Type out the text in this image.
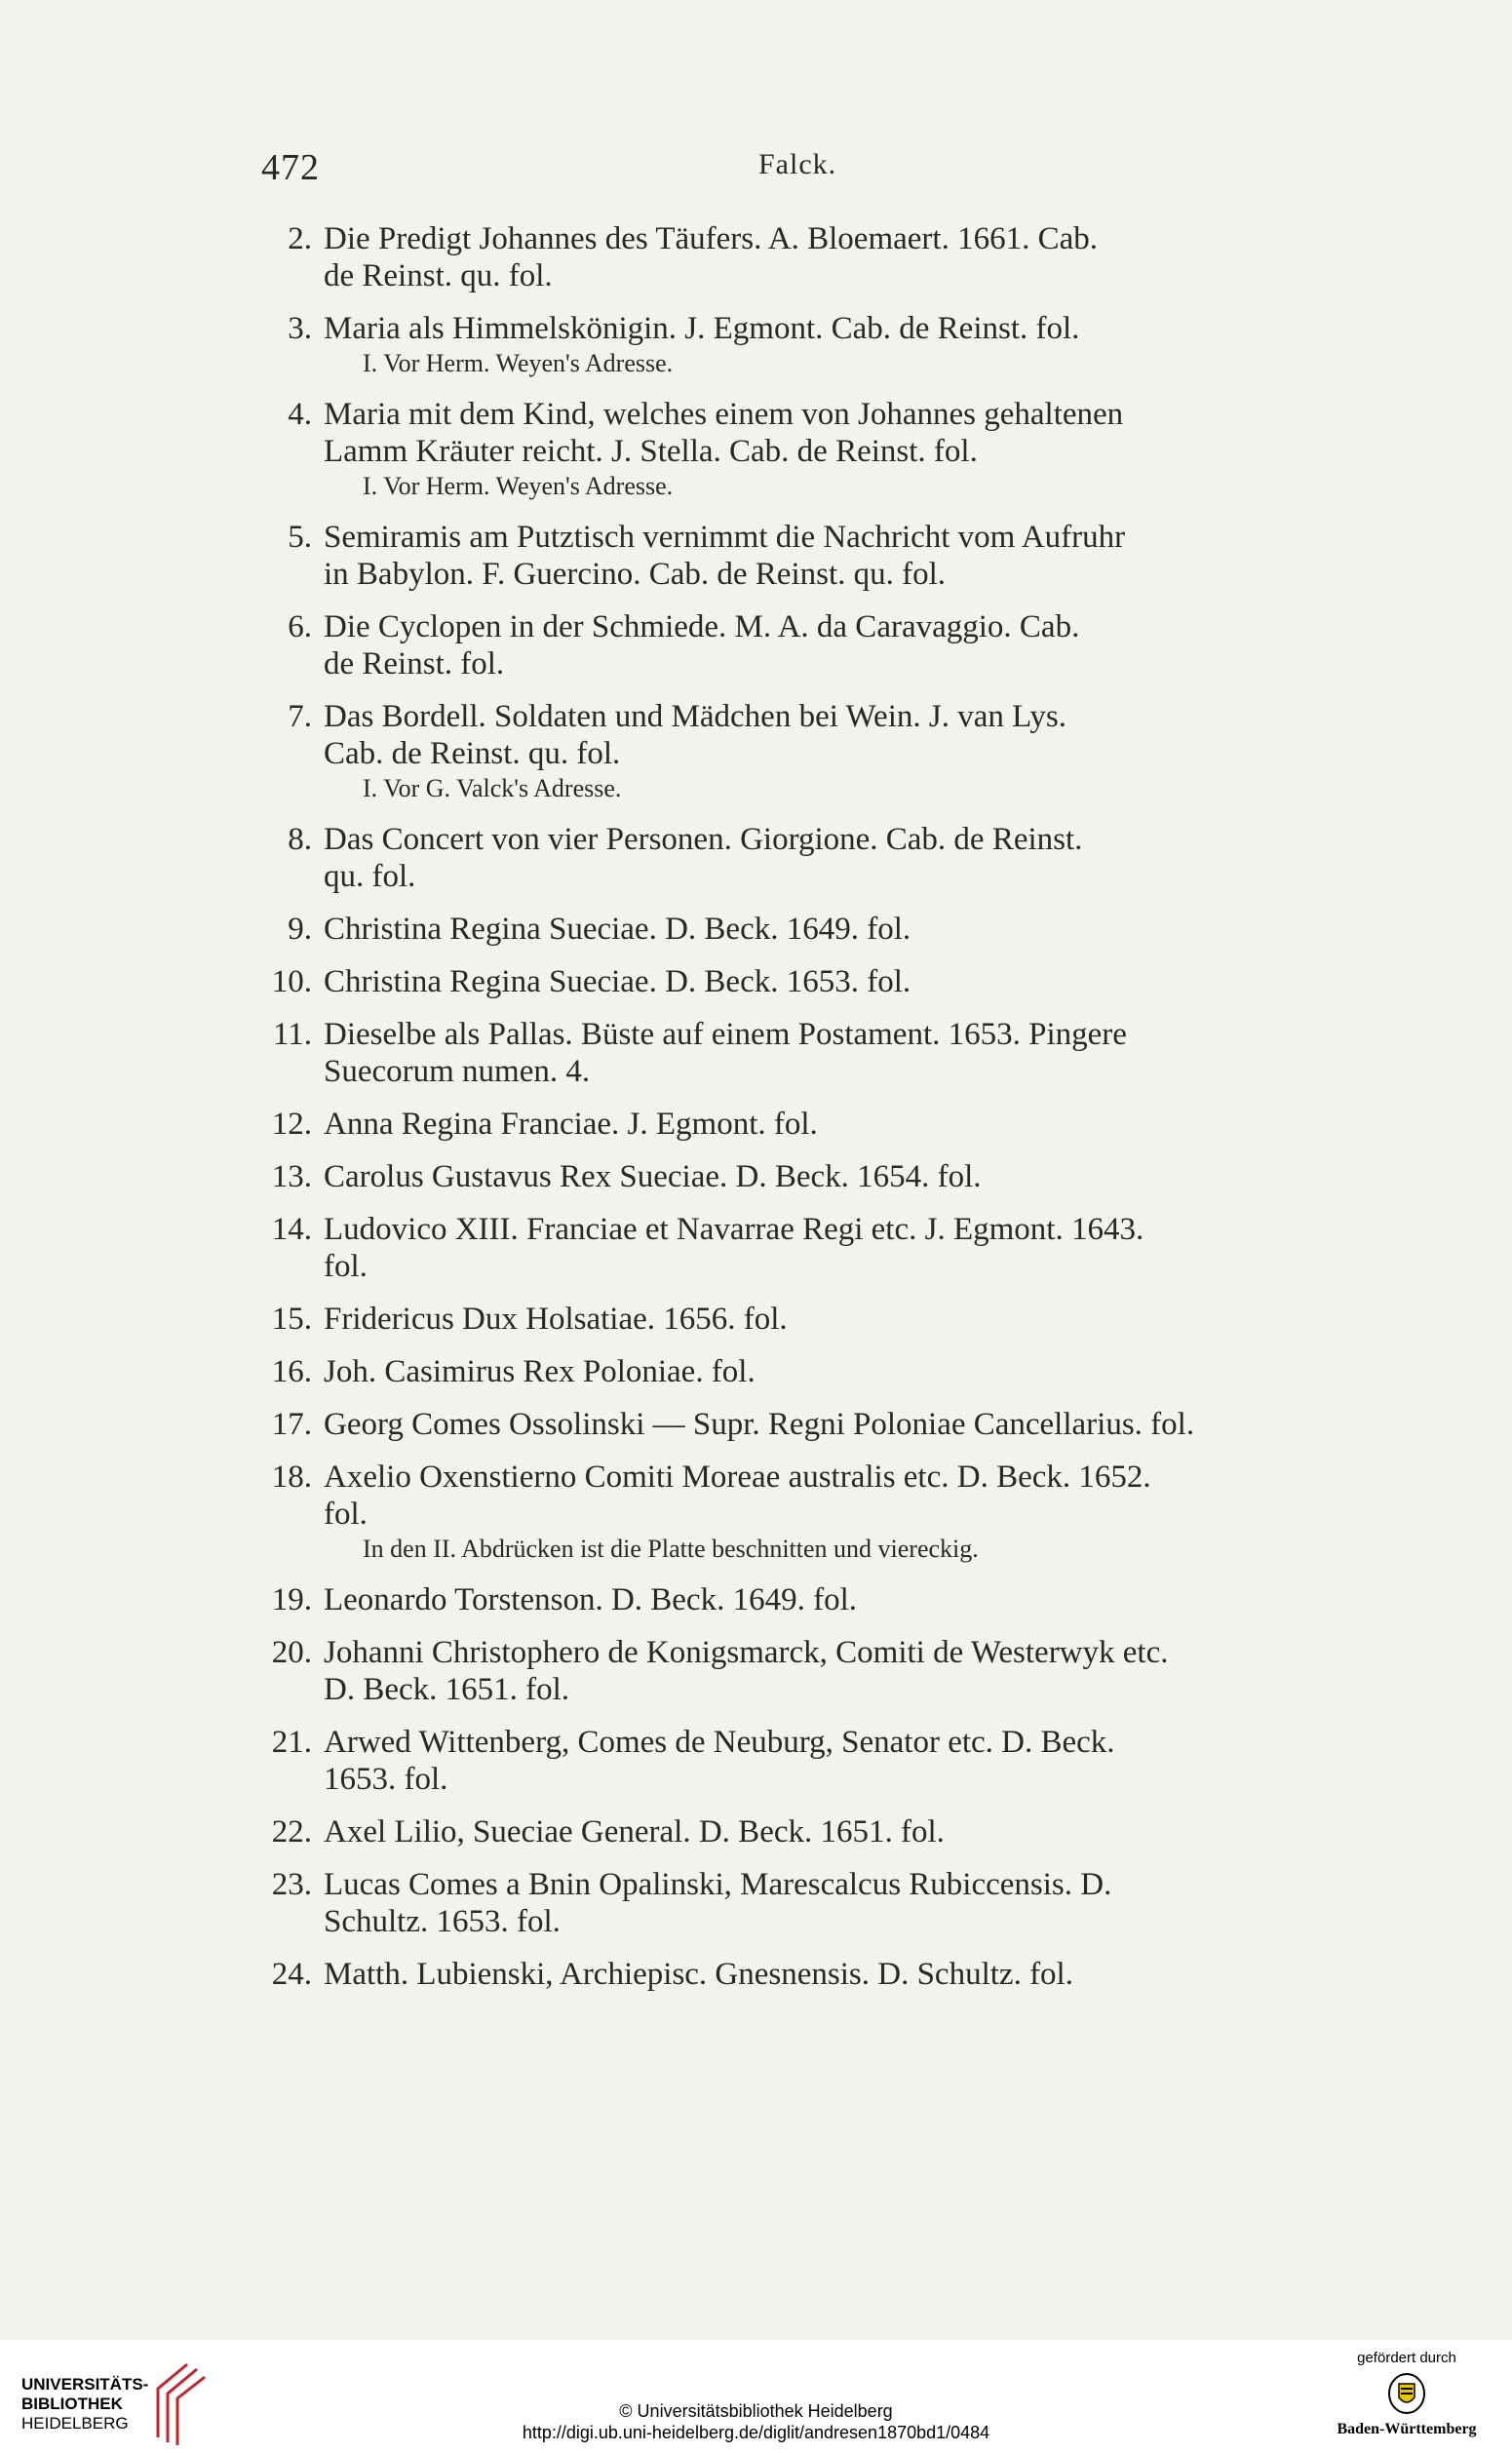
472	Falck.
2. Die Predigt Johannes des Täufers. A. Bloemaert. 1661. Cab.
de Reinst. qu. fol.
3. Maria als Himmelskönigin. J. Egmont. Cab. de Reinst. fol.
I. Vor Herm. Weyen's Adresse.
4. Maria mit dem Kind, welches einem von Johannes gehaltenen
Lamm Kräuter reicht. J. Stella. Cab. de Reinst. fol.
I. Vor Herm. Weyen's Adresse.
5. Semiramis am Putztisch vernimmt die Nachricht vom Aufruhr
in Babylon. F. Guercino. Cab. de Reinst. qu. fol.
6. Die Cyclopen in der Schmiede. M. A. da Caravaggio. Cab.
de Reinst. fol.
7. Das Bordell. Soldaten und Mädchen bei Wein. J. van Lys.
Cab. de Reinst. qu. fol.
I. Vor G. Valck's Adresse.
8. Das Concert von vier Personen. Giorgione. Cab. de Reinst.
qu. fol.
9. Christina Regina Sueciae. D. Beck. 1649. fol.
10. Christina Regina Sueciae. D. Beck. 1653. fol.
11. Dieselbe als Pallas. Büste auf einem Postament. 1653. Pingere
Suecorum numen. 4.
12. Anna Regina Franciae. J. Egmont. fol.
13. Carolus Gustavus Rex Sueciae. D. Beck. 1654. fol.
14. Ludovico XIII. Franciae et Navarrae Regi etc. J. Egmont. 1643.
fol.
15. Fridericus Dux Holsatiae. 1656. fol.
16. Joh. Casimirus Rex Poloniae. fol.
17. Georg Comes Ossolinski — Supr. Regni Poloniae Cancellarius. fol.
18. Axelio Oxenstierno Comiti Moreae australis etc. D. Beck. 1652.
fol.
In den II. Abdrücken ist die Platte beschnitten und viereckig.
19. Leonardo Torstenson. D. Beck. 1649. fol.
20. Johanni Christophero de Konigsmarck, Comiti de Westerwyk etc.
D. Beck. 1651. fol.
21. Arwed Wittenberg, Comes de Neuburg, Senator etc. D. Beck.
1653. fol.
22. Axel Lilio, Sueciae General. D. Beck. 1651. fol.
23. Lucas Comes a Bnin Opalinski, Marescalcus Rubiccensis. D.
Schultz. 1653. fol.
24. Matth. Lubienski, Archiepisc. Gnesnensis. D. Schultz. fol.
UNIVERSITÄTS-
BIBLIOTHEK
HEIDELBERG
© Universitätsbibliothek Heidelberg
http://digi.ub.uni-heidelberg.de/diglit/andresen1870bd1/0484
gefördert durch
Baden-Württemberg
